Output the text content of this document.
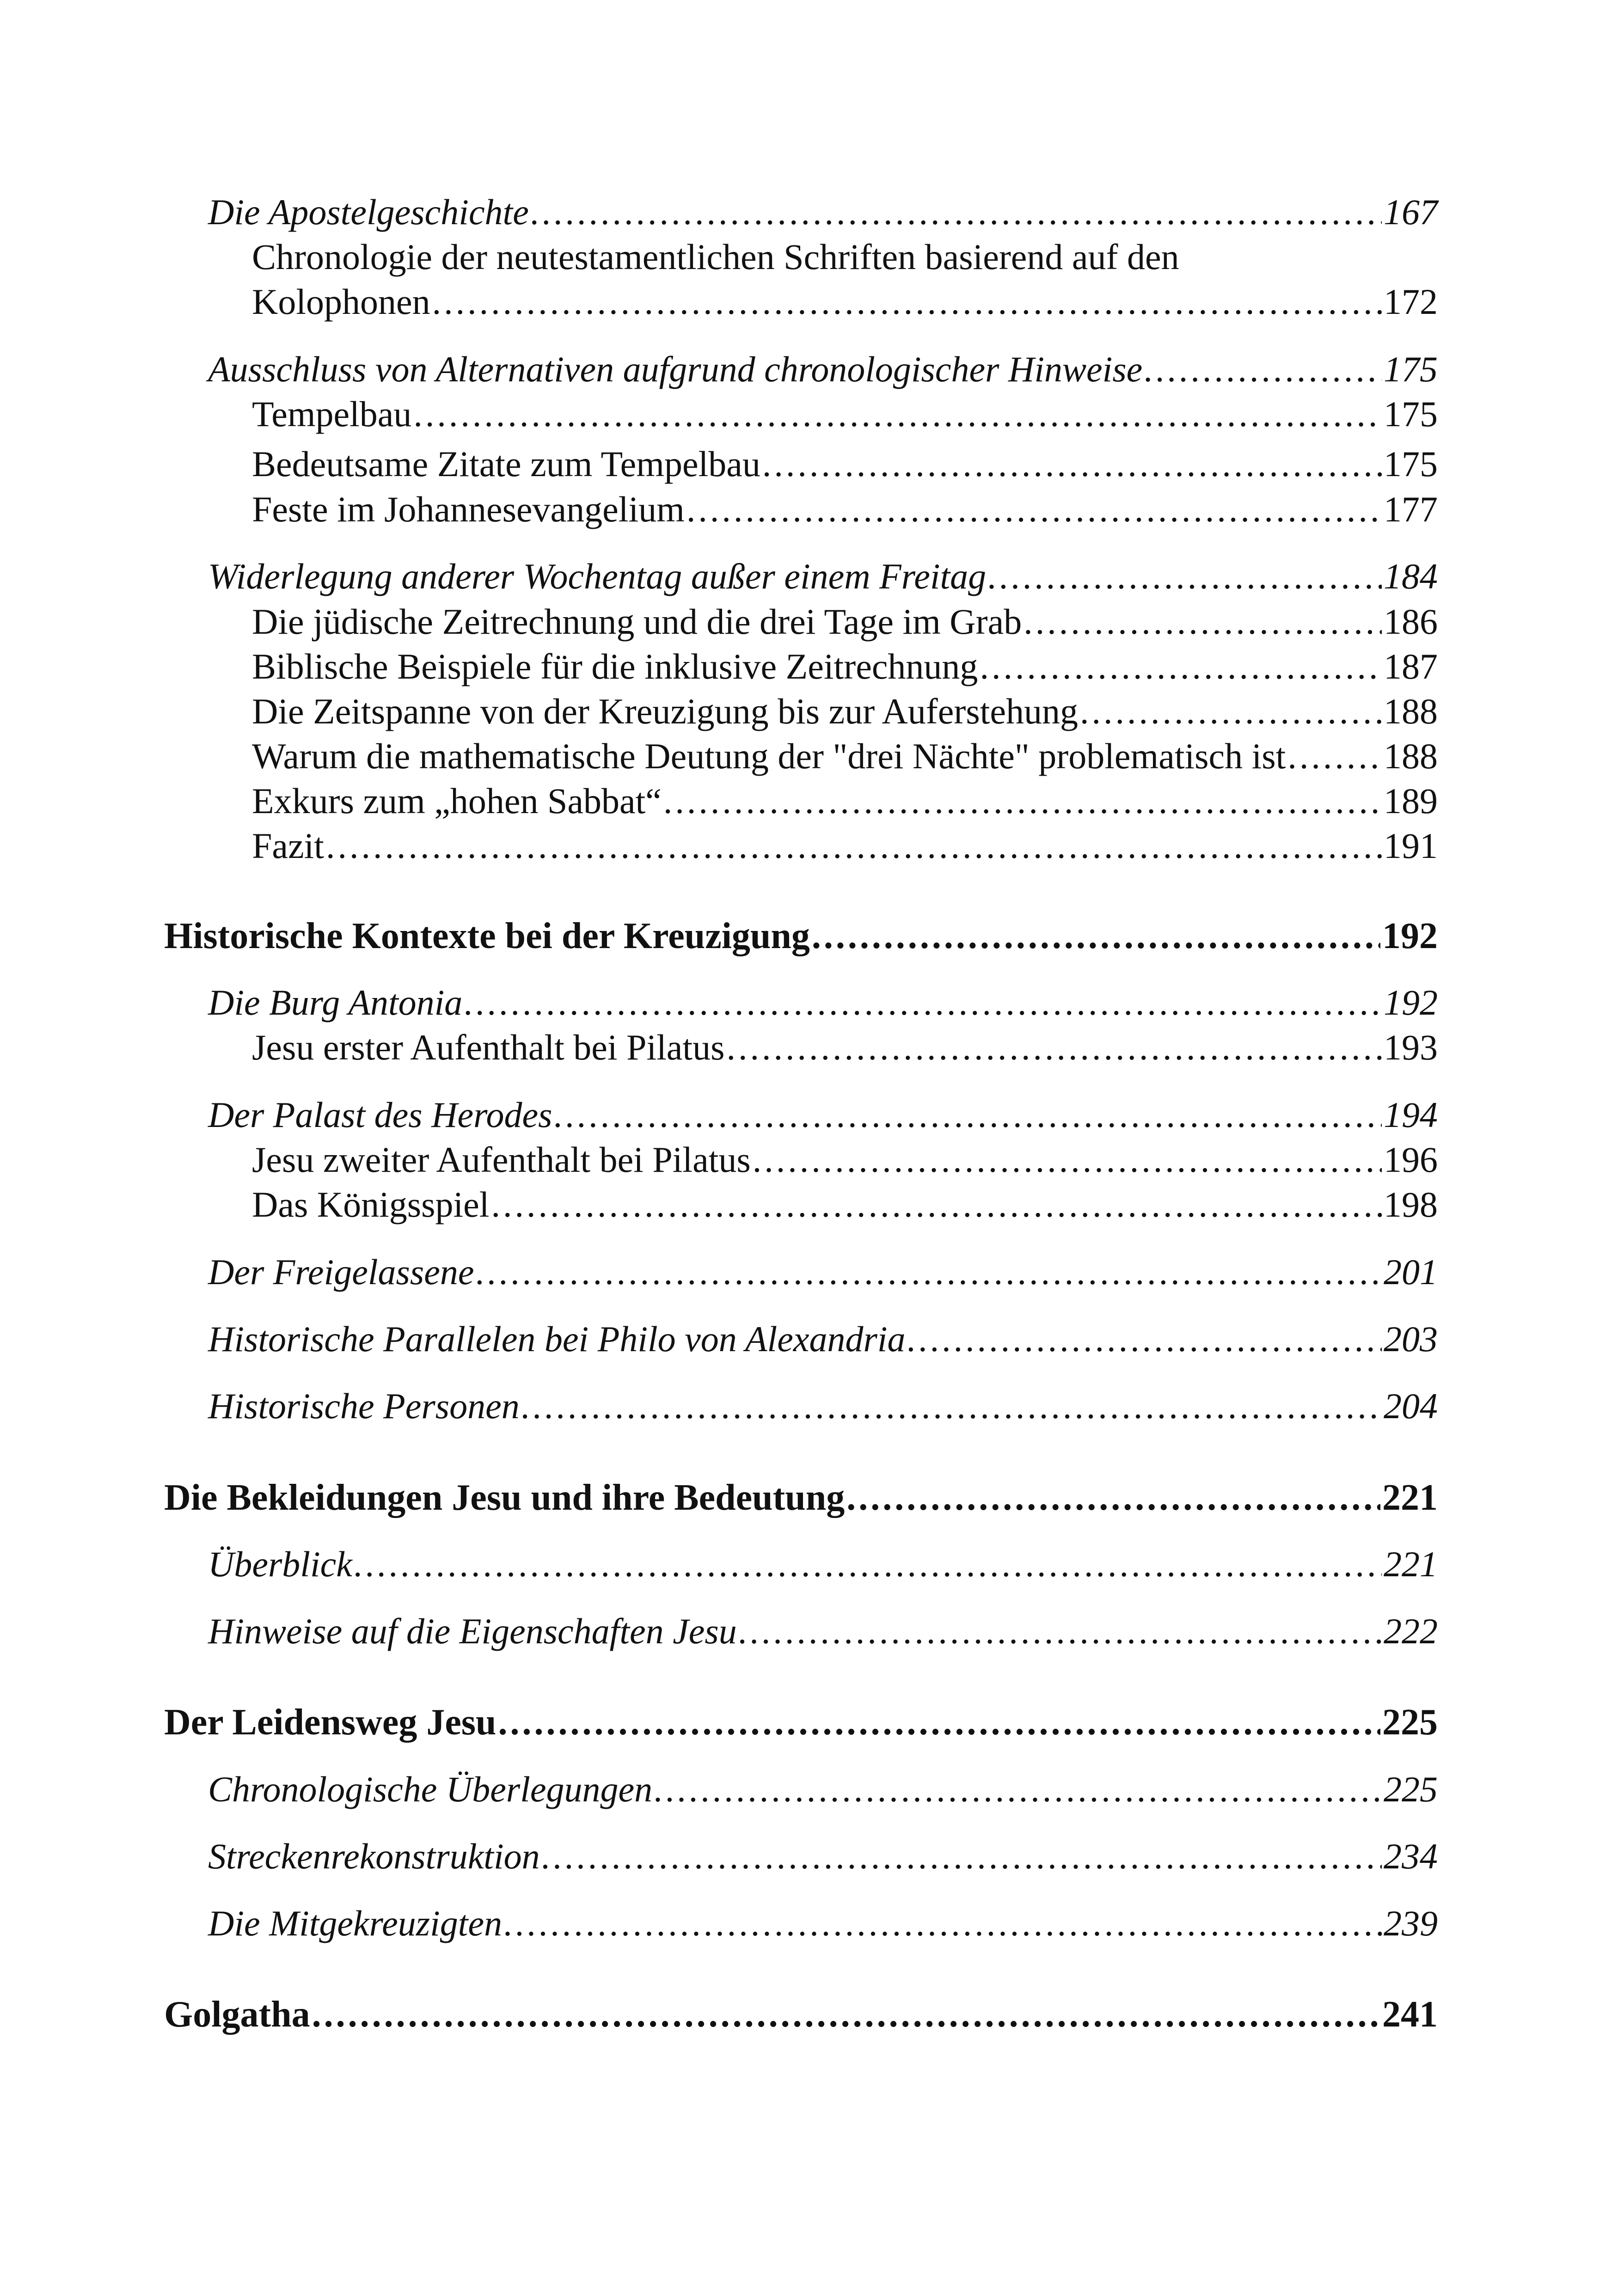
Die Apostelgeschichte .....	167
Chronologie der neutestamentlichen Schriften basierend auf den
Kolophonen .....	172
Ausschluss von Alternativen aufgrund chronologischer Hinweise .....	175
Tempelbau .....	175
Bedeutsame Zitate zum Tempelbau .....	175
Feste im Johannesevangelium .....	177
Widerlegung anderer Wochentag außer einem Freitag .....	184
Die jüdische Zeitrechnung und die drei Tage im Grab .....	186
Biblische Beispiele für die inklusive Zeitrechnung .....	187
Die Zeitspanne von der Kreuzigung bis zur Auferstehung .....	188
Warum die mathematische Deutung der "drei Nächte" problematisch ist .....	188
Exkurs zum „hohen Sabbat“ .....	189
Fazit .....	191
Historische Kontexte bei der Kreuzigung .....	192
Die Burg Antonia .....	192
Jesu erster Aufenthalt bei Pilatus .....	193
Der Palast des Herodes .....	194
Jesu zweiter Aufenthalt bei Pilatus .....	196
Das Königsspiel .....	198
Der Freigelassene .....	201
Historische Parallelen bei Philo von Alexandria .....	203
Historische Personen .....	204
Die Bekleidungen Jesu und ihre Bedeutung .....	221
Überblick .....	221
Hinweise auf die Eigenschaften Jesu .....	222
Der Leidensweg Jesu .....	225
Chronologische Überlegungen .....	225
Streckenrekonstruktion .....	234
Die Mitgekreuzigten .....	239
Golgatha .....	241
